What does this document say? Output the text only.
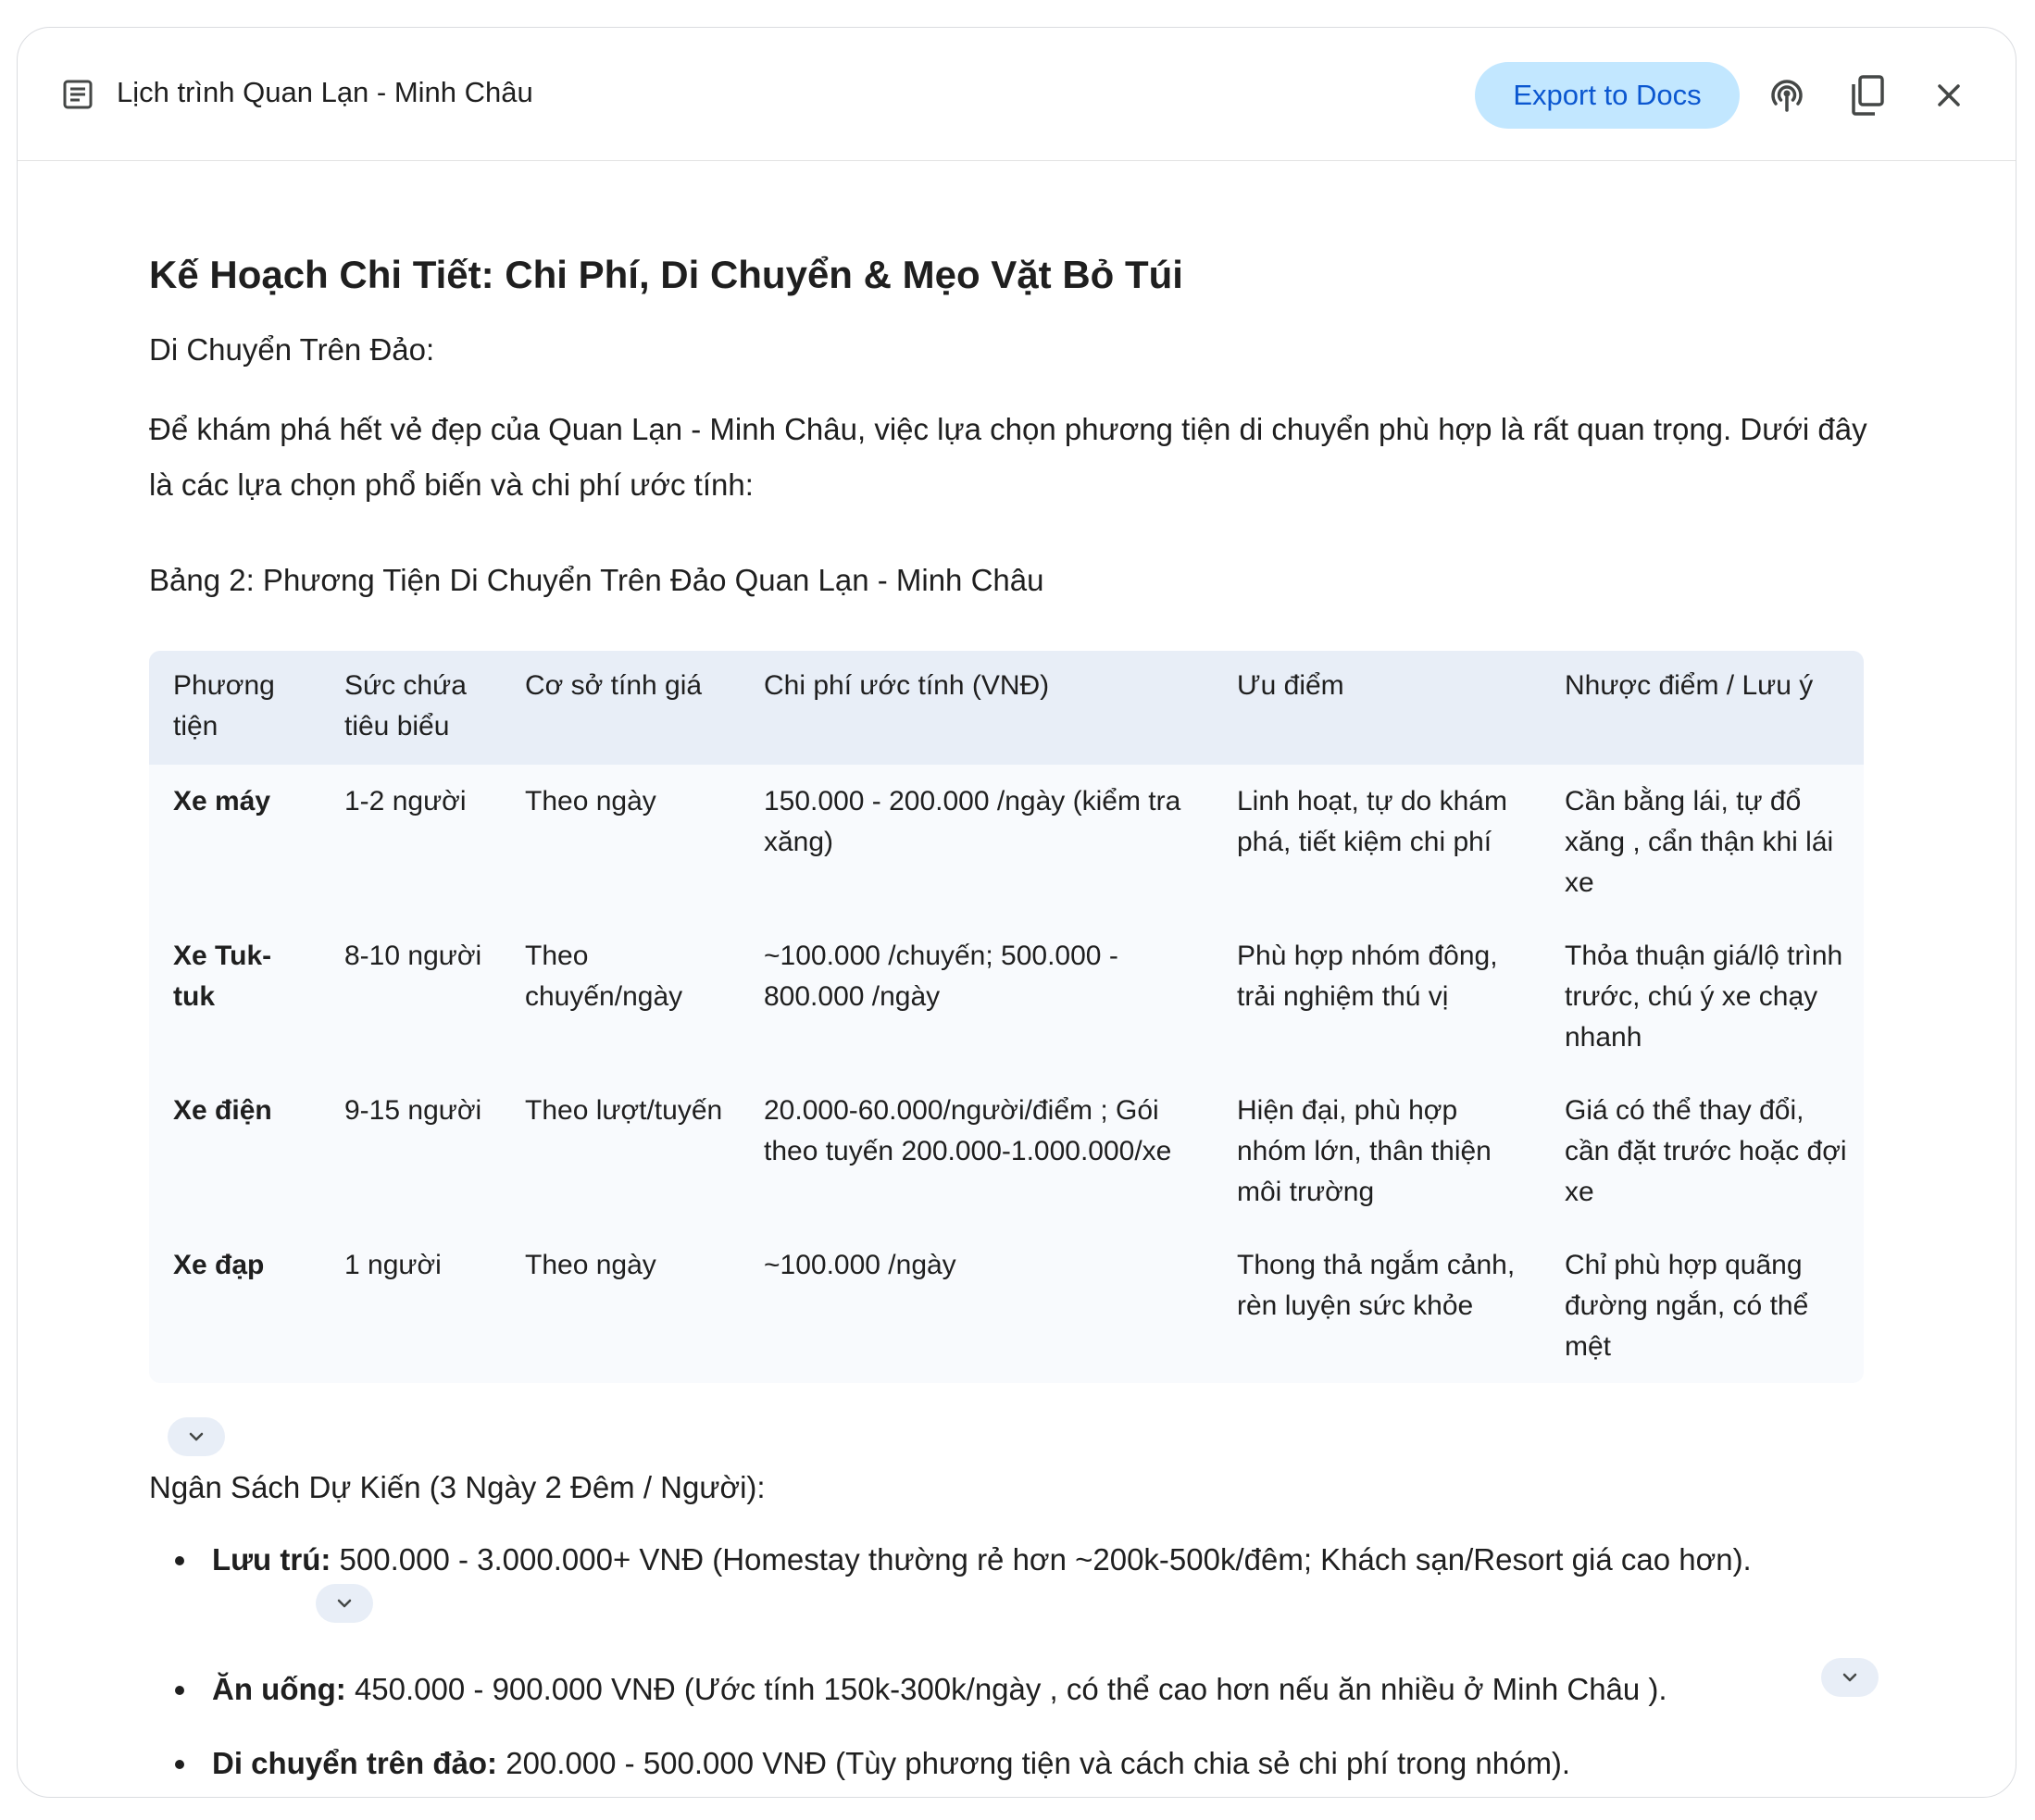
Lịch trình Quan Lạn - Minh Châu	Export to Docs
Kế Hoạch Chi Tiết: Chi Phí, Di Chuyển & Mẹo Vặt Bỏ Túi

Di Chuyển Trên Đảo:

Để khám phá hết vẻ đẹp của Quan Lạn - Minh Châu, việc lựa chọn phương tiện di chuyển phù hợp là rất quan trọng. Dưới đây là các lựa chọn phổ biến và chi phí ước tính:

Bảng 2: Phương Tiện Di Chuyển Trên Đảo Quan Lạn - Minh Châu
Phương tiện	Sức chứa tiêu biểu	Cơ sở tính giá	Chi phí ước tính (VNĐ)	Ưu điểm	Nhược điểm / Lưu ý
Xe máy	1-2 người	Theo ngày	150.000 - 200.000 /ngày (kiểm tra xăng)	Linh hoạt, tự do khám phá, tiết kiệm chi phí	Cần bằng lái, tự đổ xăng , cẩn thận khi lái xe
Xe Tuk-tuk	8-10 người	Theo chuyến/ngày	~100.000 /chuyến; 500.000 - 800.000 /ngày	Phù hợp nhóm đông, trải nghiệm thú vị	Thỏa thuận giá/lộ trình trước, chú ý xe chạy nhanh
Xe điện	9-15 người	Theo lượt/tuyến	20.000-60.000/người/điểm ; Gói theo tuyến 200.000-1.000.000/xe	Hiện đại, phù hợp nhóm lớn, thân thiện môi trường	Giá có thể thay đổi, cần đặt trước hoặc đợi xe
Xe đạp	1 người	Theo ngày	~100.000 /ngày	Thong thả ngắm cảnh, rèn luyện sức khỏe	Chỉ phù hợp quãng đường ngắn, có thể mệt
Ngân Sách Dự Kiến (3 Ngày 2 Đêm / Người):
Lưu trú: 500.000 - 3.000.000+ VNĐ (Homestay thường rẻ hơn ~200k-500k/đêm; Khách sạn/Resort giá cao hơn).
Ăn uống: 450.000 - 900.000 VNĐ (Ước tính 150k-300k/ngày , có thể cao hơn nếu ăn nhiều ở Minh Châu ).
Di chuyển trên đảo: 200.000 - 500.000 VNĐ (Tùy phương tiện và cách chia sẻ chi phí trong nhóm).
